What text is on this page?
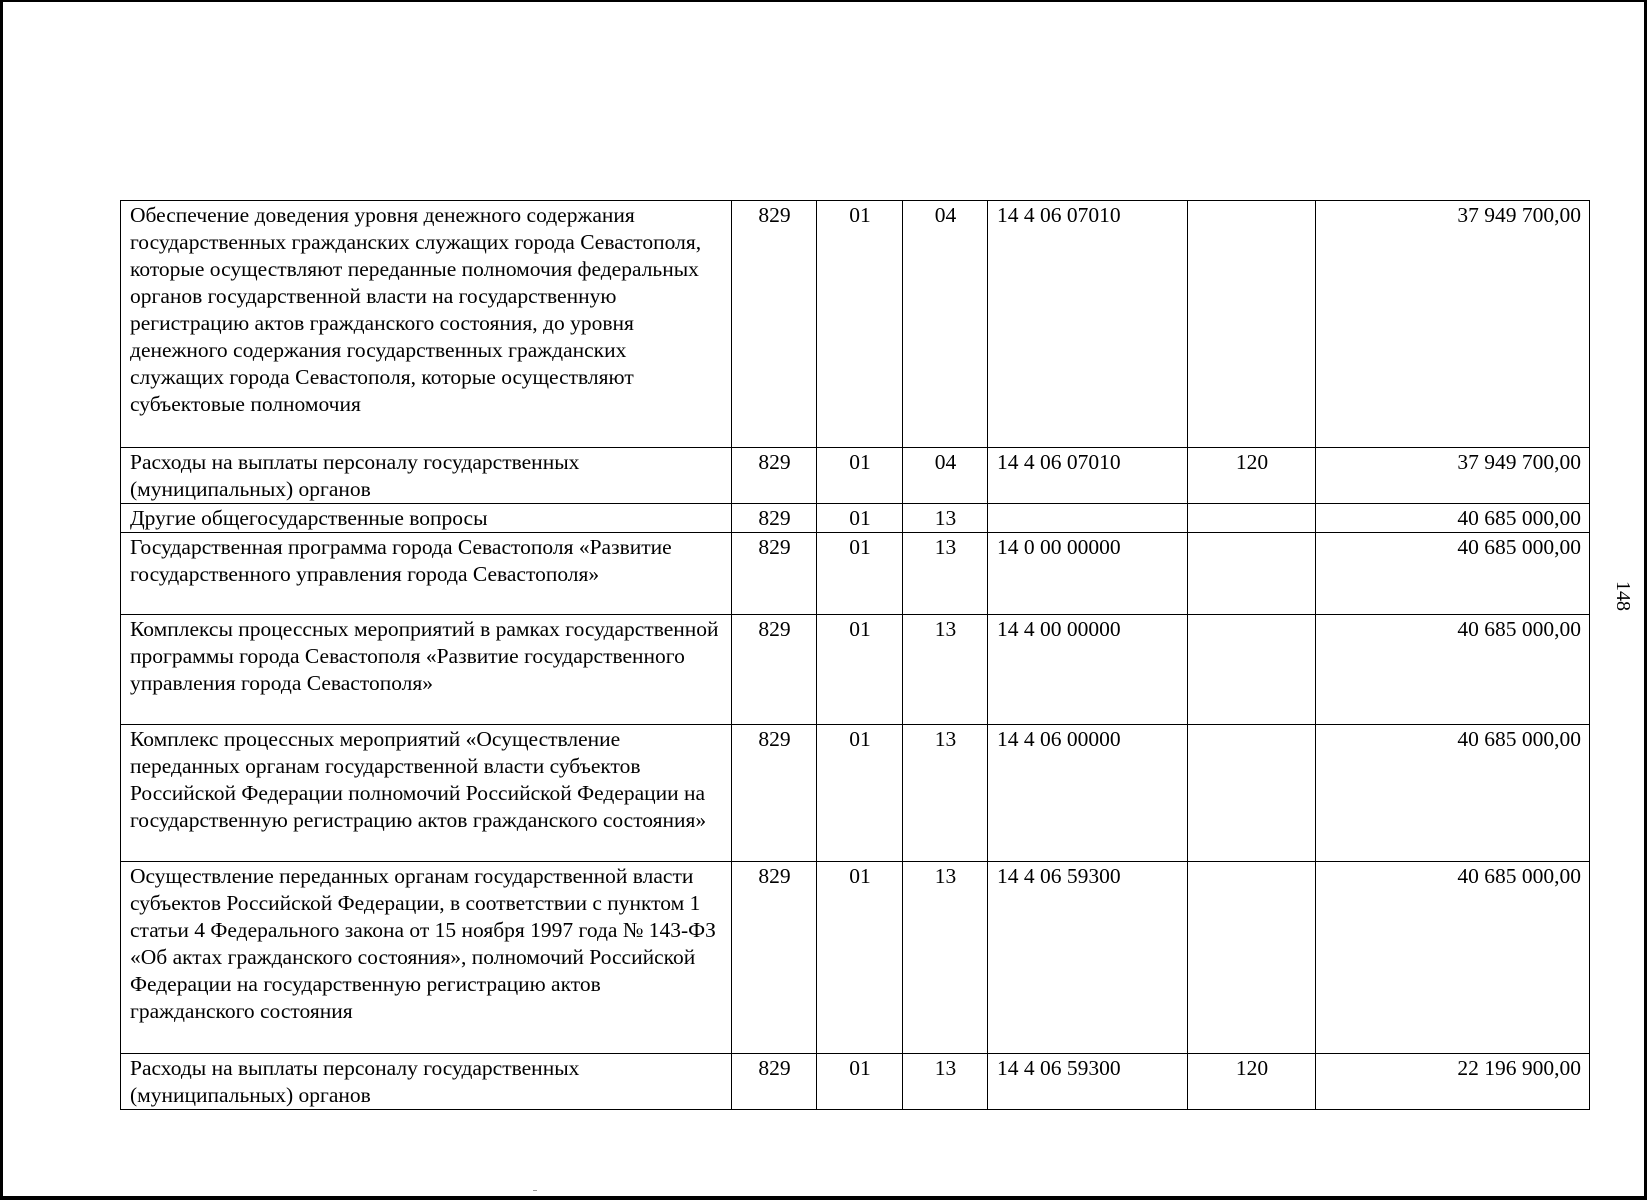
148
Обеспечение доведения уровня денежного содержания государственных гражданских служащих города Севастополя, которые осуществляют переданные полномочия федеральных органов государственной власти на государственную регистрацию актов гражданского состояния, до уровня денежного содержания государственных гражданских служащих города Севастополя, которые осуществляют субъектовые полномочия	829	01	04	14 4 06 07010		37 949 700,00
Расходы на выплаты персоналу государственных (муниципальных) органов	829	01	04	14 4 06 07010	120	37 949 700,00
Другие общегосударственные вопросы	829	01	13			40 685 000,00
Государственная программа города Севастополя «Развитие государственного управления города Севастополя»	829	01	13	14 0 00 00000		40 685 000,00
Комплексы процессных мероприятий в рамках государственной программы города Севастополя «Развитие государственного управления города Севастополя»	829	01	13	14 4 00 00000		40 685 000,00
Комплекс процессных мероприятий «Осуществление переданных органам государственной власти субъектов Российской Федерации полномочий Российской Федерации на государственную регистрацию актов гражданского состояния»	829	01	13	14 4 06 00000		40 685 000,00
Осуществление переданных органам государственной власти субъектов Российской Федерации, в соответствии с пунктом 1 статьи 4 Федерального закона от 15 ноября 1997 года № 143-ФЗ «Об актах гражданского состояния», полномочий Российской Федерации на государственную регистрацию актов гражданского состояния	829	01	13	14 4 06 59300		40 685 000,00
Расходы на выплаты персоналу государственных (муниципальных) органов	829	01	13	14 4 06 59300	120	22 196 900,00
